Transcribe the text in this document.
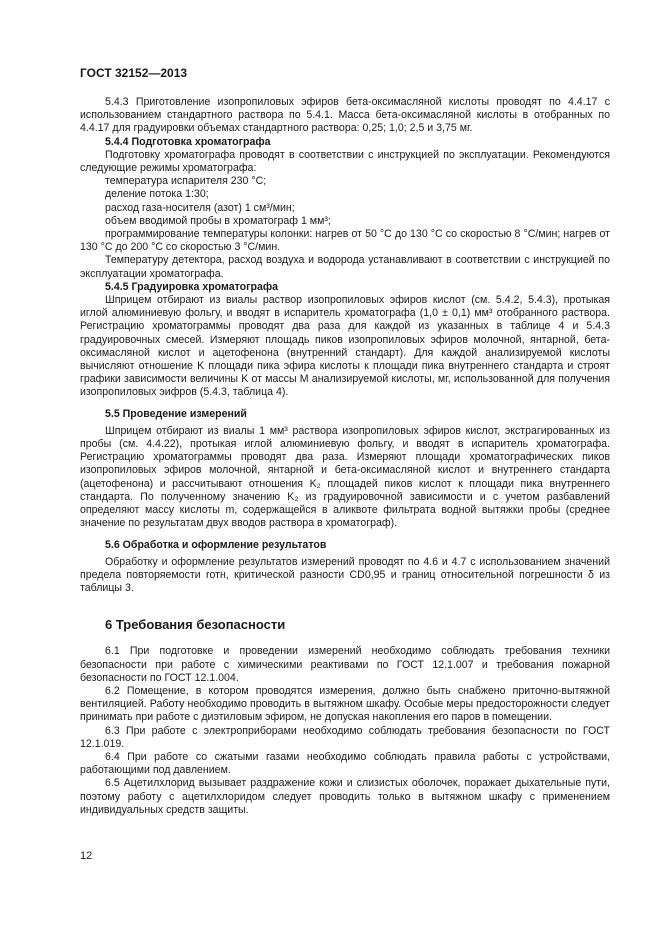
ГОСТ 32152—2013

5.4.3 Приготовление изопропиловых эфиров бета-оксимасляной кислоты проводят по 4.4.17 с использованием стандартного раствора по 5.4.1. Масса бета-оксимасляной кислоты в отобранных по 4.4.17 для градуировки объемах стандартного раствора: 0,25; 1,0; 2,5 и 3,75 мг.

5.4.4 Подготовка хроматографа

Подготовку хроматографа проводят в соответствии с инструкцией по эксплуатации. Рекомендуются следующие режимы хроматографа:

температура испарителя 230 °С;

деление потока 1:30;

расход газа-носителя (азот) 1 см³/мин;

объем вводимой пробы в хроматограф 1 мм³;

программирование температуры колонки: нагрев от 50 °С до 130 °С со скоростью 8 °С/мин; нагрев от 130 °С до 200 °С со скоростью 3 °С/мин.

Температуру детектора, расход воздуха и водорода устанавливают в соответствии с инструкцией по эксплуатации хроматографа.

5.4.5 Градуировка хроматографа

Шприцем отбирают из виалы раствор изопропиловых эфиров кислот (см. 5.4.2, 5.4.3), протыкая иглой алюминиевую фольгу, и вводят в испаритель хроматографа (1,0 ± 0,1) мм³ отобранного раствора. Регистрацию хроматограммы проводят два раза для каждой из указанных в таблице 4 и 5.4.3 градуировочных смесей. Измеряют площадь пиков изопропиловых эфиров молочной, янтарной, бета-оксимасляной кислот и ацетофенона (внутренний стандарт). Для каждой анализируемой кислоты вычисляют отношение K площади пика эфира кислоты к площади пика внутреннего стандарта и строят графики зависимости величины K от массы M анализируемой кислоты, мг, использованной для получения изопропиловых эифров (5.4.3, таблица 4).

5.5 Проведение измерений

Шприцем отбирают из виалы 1 мм³ раствора изопропиловых эфиров кислот, экстрагированных из пробы (см. 4.4.22), протыкая иглой алюминиевую фольгу, и вводят в испаритель хроматографа. Регистрацию хроматограммы проводят два раза. Измеряют площади хроматографических пиков изопропиловых эфиров молочной, янтарной и бета-оксимасляной кислот и внутреннего стандарта (ацетофенона) и рассчитывают отношения K₂ площадей пиков кислот к площади пика внутреннего стандарта. По полученному значению K₂ из градуировочной зависимости и с учетом разбавлений определяют массу кислоты m, содержащейся в аликвоте фильтрата водной вытяжки пробы (среднее значение по результатам двух вводов раствора в хроматограф).

5.6 Обработка и оформление результатов

Обработку и оформление результатов измерений проводят по 4.6 и 4.7 с использованием значений предела повторяемости rотн, критической разности CD0,95 и границ относительной погрешности δ из таблицы 3.

6 Требования безопасности

6.1 При подготовке и проведении измерений необходимо соблюдать требования техники безопасности при работе с химическими реактивами по ГОСТ 12.1.007 и требования пожарной безопасности по ГОСТ 12.1.004.

6.2 Помещение, в котором проводятся измерения, должно быть снабжено приточно-вытяжной вентиляцией. Работу необходимо проводить в вытяжном шкафу. Особые меры предосторожности следует принимать при работе с диэтиловым эфиром, не допуская накопления его паров в помещении.

6.3 При работе с электроприборами необходимо соблюдать требования безопасности по ГОСТ 12.1.019.

6.4 При работе со сжатыми газами необходимо соблюдать правила работы с устройствами, работающими под давлением.

6.5 Ацетилхлорид вызывает раздражение кожи и слизистых оболочек, поражает дыхательные пути, поэтому работу с ацетилхлоридом следует проводить только в вытяжном шкафу с применением индивидуальных средств защиты.

12
